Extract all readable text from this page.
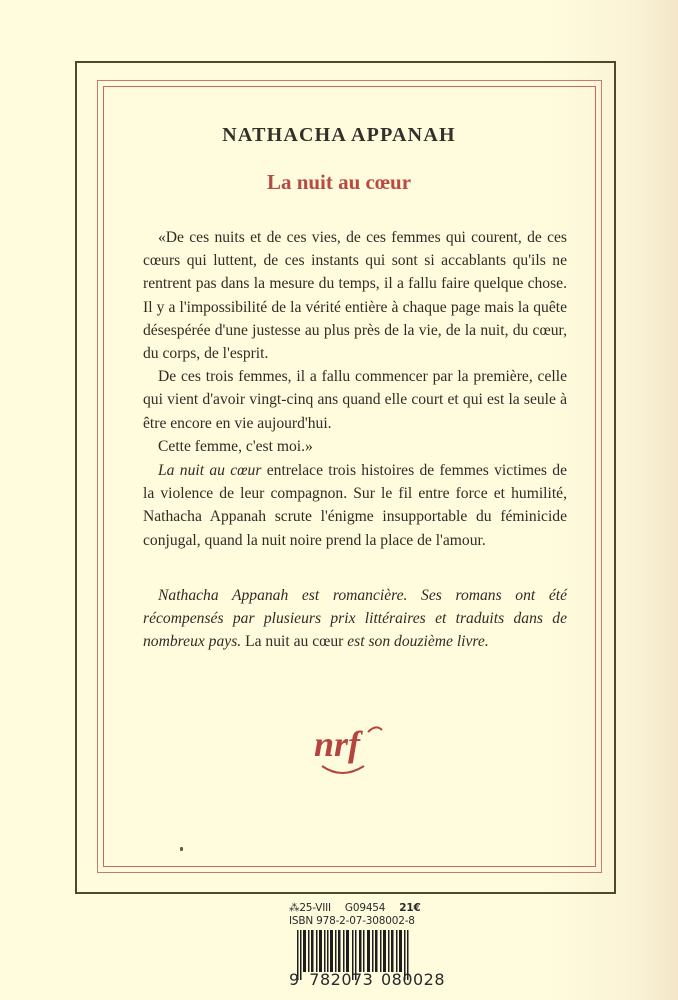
NATHACHA APPANAH
La nuit au cœur

«De ces nuits et de ces vies, de ces femmes qui courent, de ces cœurs qui luttent, de ces instants qui sont si accablants qu'ils ne rentrent pas dans la mesure du temps, il a fallu faire quelque chose. Il y a l'impossibilité de la vérité entière à chaque page mais la quête désespérée d'une justesse au plus près de la vie, de la nuit, du cœur, du corps, de l'esprit.

De ces trois femmes, il a fallu commencer par la première, celle qui vient d'avoir vingt-cinq ans quand elle court et qui est la seule à être encore en vie aujourd'hui.

Cette femme, c'est moi.»

La nuit au cœur entrelace trois histoires de femmes victimes de la violence de leur compagnon. Sur le fil entre force et humilité, Nathacha Appanah scrute l'énigme insupportable du féminicide conjugal, quand la nuit noire prend la place de l'amour.

Nathacha Appanah est romancière. Ses romans ont été récompensés par plusieurs prix littéraires et traduits dans de nombreux pays. La nuit au cœur est son douzième livre.

nrf
⁂25-VIII G09454 21€
ISBN 978-2-07-308002-8
9 782073 080028
